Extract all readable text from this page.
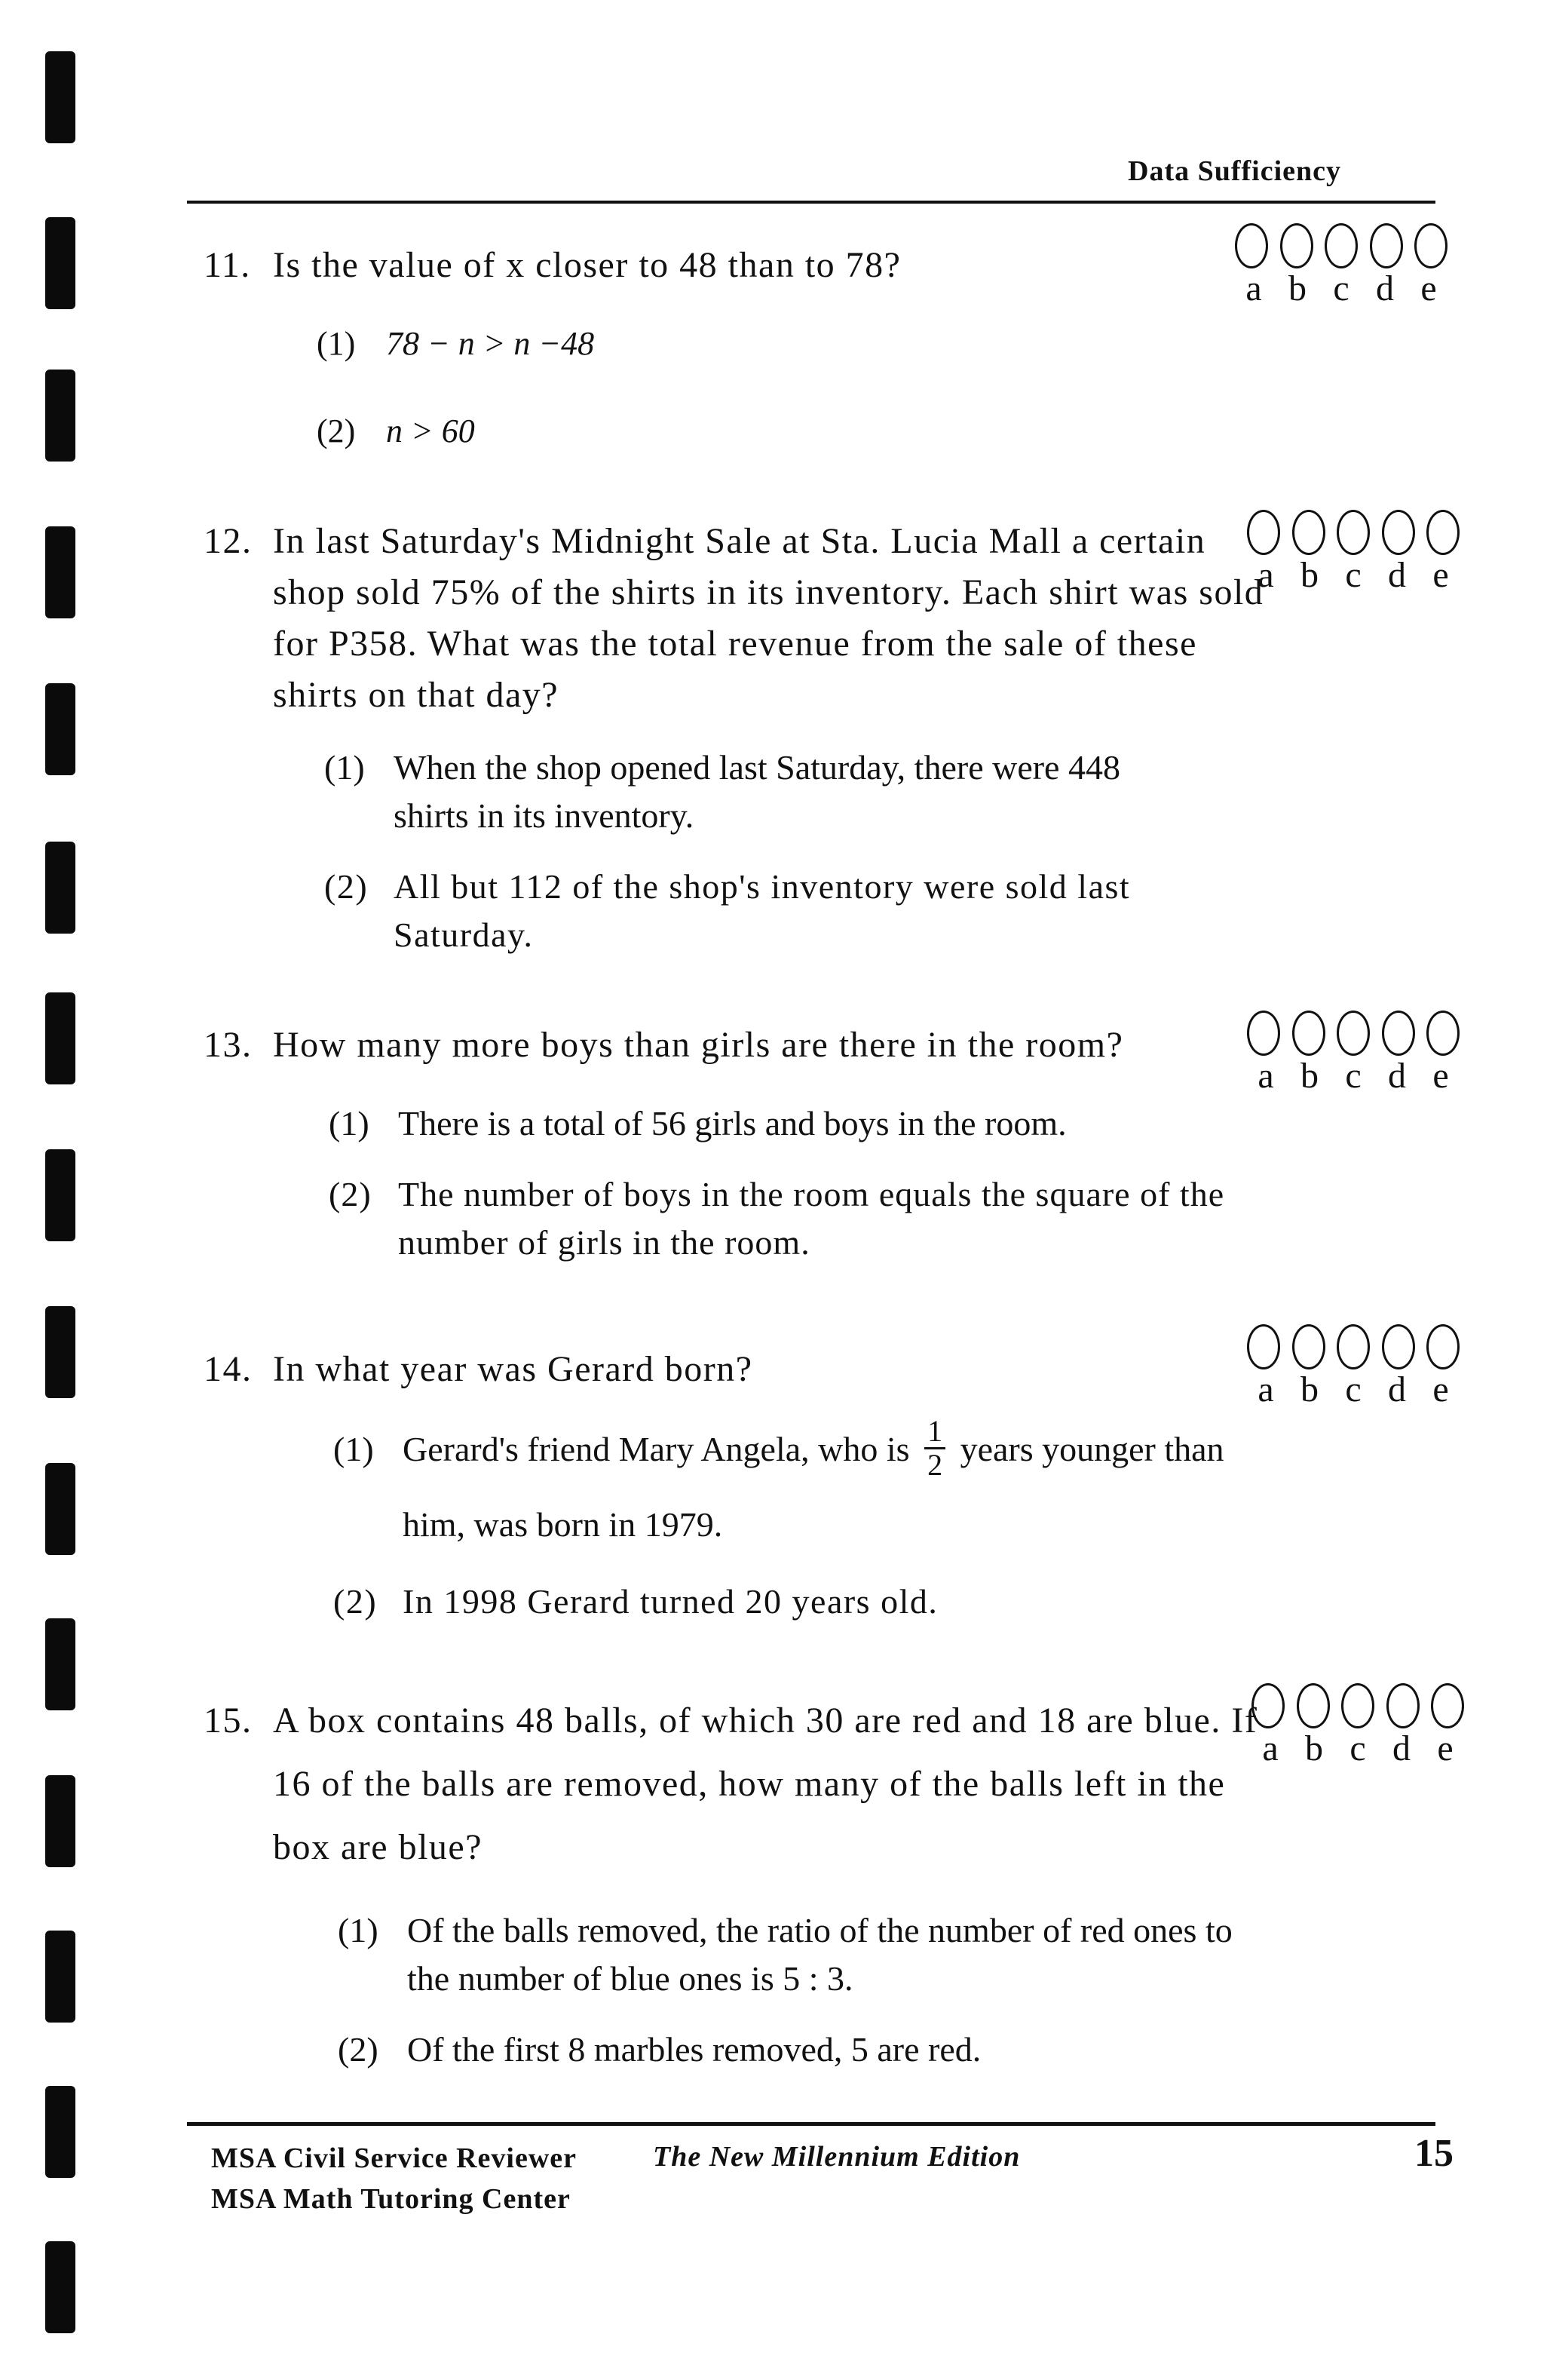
Data Sufficiency
11. Is the value of x closer to 48 than to 78?
(1) 78 − n > n −48
(2) n > 60
a b c d e
12. In last Saturday's Midnight Sale at Sta. Lucia Mall a certain shop sold 75% of the shirts in its inventory. Each shirt was sold for P358. What was the total revenue from the sale of these shirts on that day?
(1) When the shop opened last Saturday, there were 448 shirts in its inventory.
(2) All but 112 of the shop's inventory were sold last Saturday.
a b c d e
13. How many more boys than girls are there in the room?
(1) There is a total of 56 girls and boys in the room.
(2) The number of boys in the room equals the square of the number of girls in the room.
a b c d e
14. In what year was Gerard born?
(1) Gerard's friend Mary Angela, who is $\frac{1}{2}$ years younger than him, was born in 1979.
(2) In 1998 Gerard turned 20 years old.
a b c d e
15. A box contains 48 balls, of which 30 are red and 18 are blue. If 16 of the balls are removed, how many of the balls left in the box are blue?
(1) Of the balls removed, the ratio of the number of red ones to the number of blue ones is 5 : 3.
(2) Of the first 8 marbles removed, 5 are red.
a b c d e
MSA Civil Service Reviewer	The New Millennium Edition
MSA Math Tutoring Center
15
